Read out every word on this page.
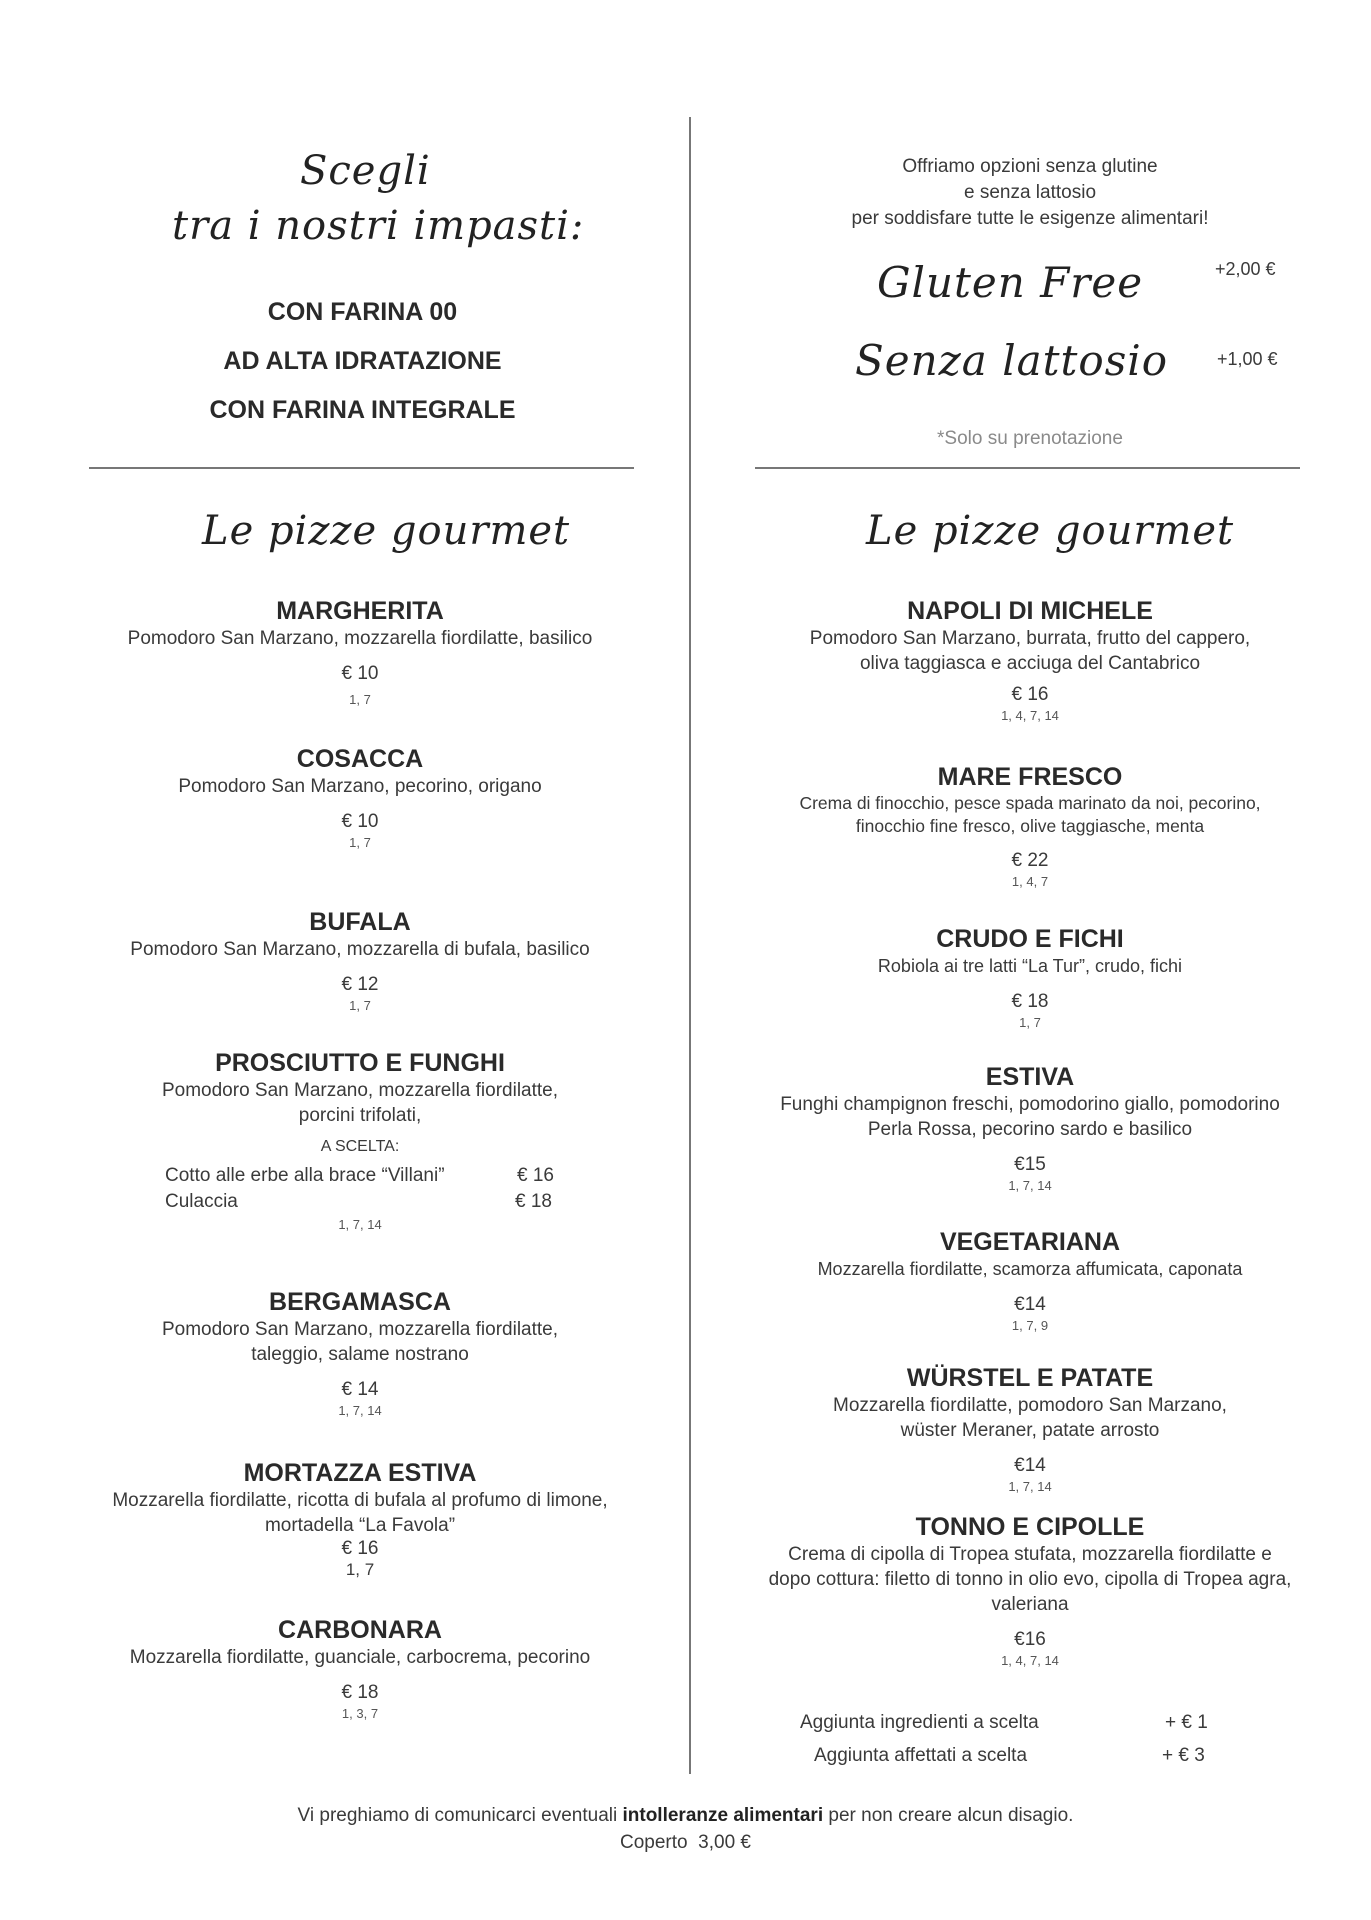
Scegli
tra i nostri impasti:
CON FARINA 00
AD ALTA IDRATAZIONE
CON FARINA INTEGRALE
Offriamo opzioni senza glutine
e senza lattosio
per soddisfare tutte le esigenze alimentari!
Gluten Free	+2,00 €
Senza lattosio	+1,00 €
*Solo su prenotazione
Le pizze gourmet	Le pizze gourmet
MARGHERITA
Pomodoro San Marzano, mozzarella fiordilatte, basilico
€ 10
1, 7
COSACCA
Pomodoro San Marzano, pecorino, origano
€ 10
1, 7
BUFALA
Pomodoro San Marzano, mozzarella di bufala, basilico
€ 12
1, 7
PROSCIUTTO E FUNGHI
Pomodoro San Marzano, mozzarella fiordilatte,
porcini trifolati,
A SCELTA:
Cotto alle erbe alla brace “Villani”	€ 16
Culaccia	€ 18
1, 7, 14
BERGAMASCA
Pomodoro San Marzano, mozzarella fiordilatte,
taleggio, salame nostrano
€ 14
1, 7, 14
MORTAZZA ESTIVA
Mozzarella fiordilatte, ricotta di bufala al profumo di limone,
mortadella “La Favola”
€ 16
1, 7
CARBONARA
Mozzarella fiordilatte, guanciale, carbocrema, pecorino
€ 18
1, 3, 7
NAPOLI DI MICHELE
Pomodoro San Marzano, burrata, frutto del cappero,
oliva taggiasca e acciuga del Cantabrico
€ 16
1, 4, 7, 14
MARE FRESCO
Crema di finocchio, pesce spada marinato da noi, pecorino,
finocchio fine fresco, olive taggiasche, menta
€ 22
1, 4, 7
CRUDO E FICHI
Robiola ai tre latti “La Tur”, crudo, fichi
€ 18
1, 7
ESTIVA
Funghi champignon freschi, pomodorino giallo, pomodorino
Perla Rossa, pecorino sardo e basilico
€15
1, 7, 14
VEGETARIANA
Mozzarella fiordilatte, scamorza affumicata, caponata
€14
1, 7, 9
WÜRSTEL E PATATE
Mozzarella fiordilatte, pomodoro San Marzano,
wüster Meraner, patate arrosto
€14
1, 7, 14
TONNO E CIPOLLE
Crema di cipolla di Tropea stufata, mozzarella fiordilatte e
dopo cottura: filetto di tonno in olio evo, cipolla di Tropea agra,
valeriana
€16
1, 4, 7, 14
Aggiunta ingredienti a scelta	+ € 1
Aggiunta affettati a scelta	+ € 3
Vi preghiamo di comunicarci eventuali intolleranze alimentari per non creare alcun disagio.
Coperto  3,00 €
